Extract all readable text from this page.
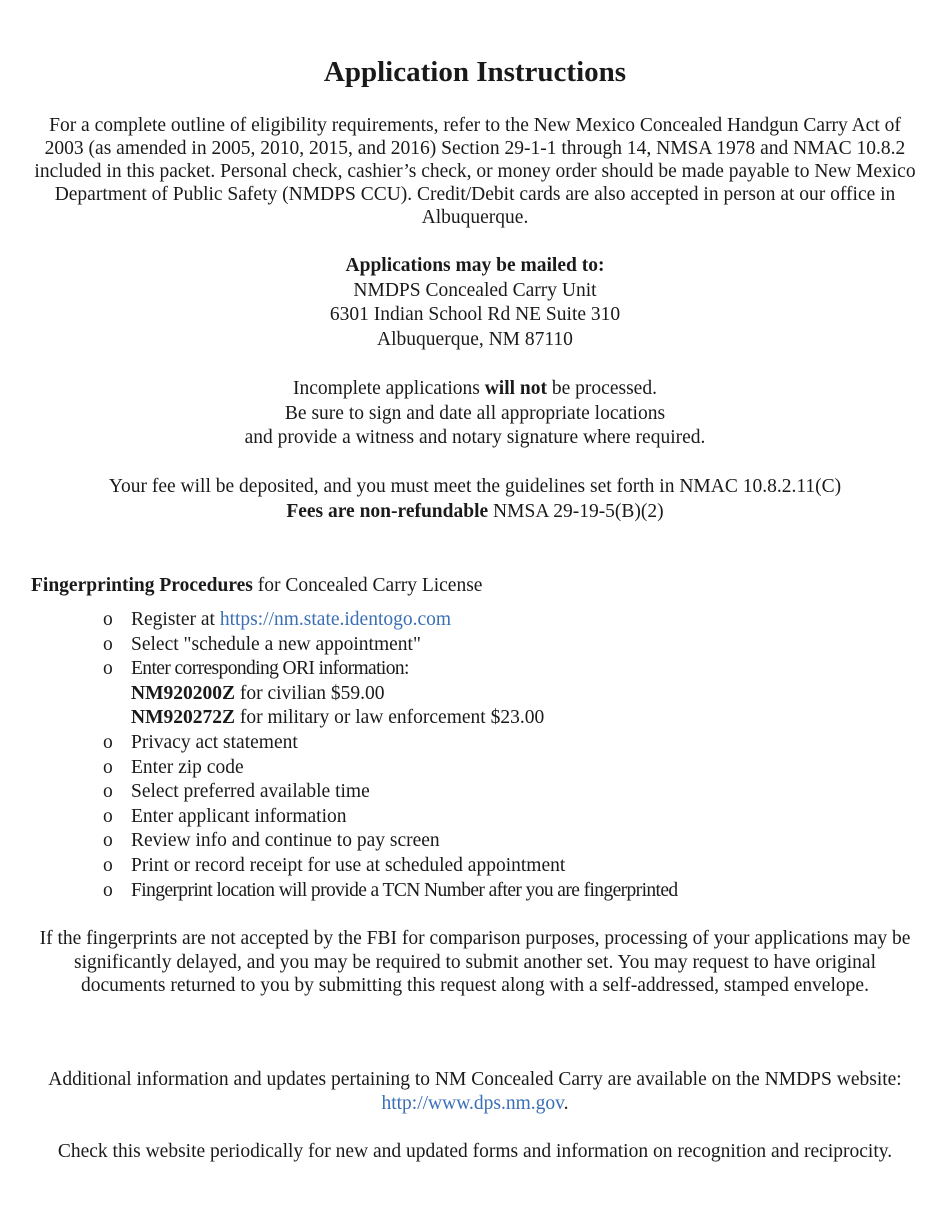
Application Instructions

For a complete outline of eligibility requirements, refer to the New Mexico Concealed Handgun Carry Act of 2003 (as amended in 2005, 2010, 2015, and 2016) Section 29-1-1 through 14, NMSA 1978 and NMAC 10.8.2 included in this packet. Personal check, cashier’s check, or money order should be made payable to New Mexico Department of Public Safety (NMDPS CCU). Credit/Debit cards are also accepted in person at our office in Albuquerque.

Applications may be mailed to:
NMDPS Concealed Carry Unit
6301 Indian School Rd NE Suite 310
Albuquerque, NM 87110
Incomplete applications will not be processed.
Be sure to sign and date all appropriate locations
and provide a witness and notary signature where required.
Your fee will be deposited, and you must meet the guidelines set forth in NMAC 10.8.2.11(C)
Fees are non-refundable NMSA 29-19-5(B)(2)
Fingerprinting Procedures for Concealed Carry License
o Register at https://nm.state.identogo.com
o Select "schedule a new appointment"
o Enter corresponding ORI information:
NM920200Z for civilian $59.00
NM920272Z for military or law enforcement $23.00
o Privacy act statement
o Enter zip code
o Select preferred available time
o Enter applicant information
o Review info and continue to pay screen
o Print or record receipt for use at scheduled appointment
o Fingerprint location will provide a TCN Number after you are fingerprinted

If the fingerprints are not accepted by the FBI for comparison purposes, processing of your applications may be significantly delayed, and you may be required to submit another set. You may request to have original documents returned to you by submitting this request along with a self-addressed, stamped envelope.

Additional information and updates pertaining to NM Concealed Carry are available on the NMDPS website: http://www.dps.nm.gov.

Check this website periodically for new and updated forms and information on recognition and reciprocity.
